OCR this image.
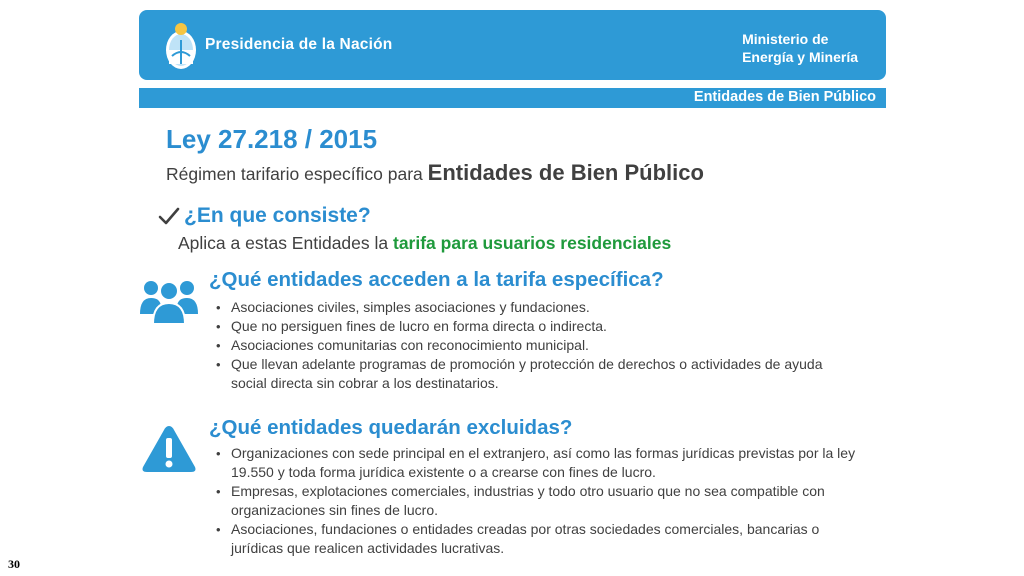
Presidencia de la Nación	Ministerio de
Energía y Minería
Entidades de Bien Público
Ley 27.218 / 2015
Régimen tarifario específico para Entidades de Bien Público
¿En que consiste?
Aplica a estas Entidades la tarifa para usuarios residenciales
¿Qué entidades acceden a la tarifa específica?
• Asociaciones civiles, simples asociaciones y fundaciones.
• Que no persiguen fines de lucro en forma directa o indirecta.
• Asociaciones comunitarias con reconocimiento municipal.
• Que llevan adelante programas de promoción y protección de derechos o actividades de ayuda social directa sin cobrar a los destinatarios.
¿Qué entidades quedarán excluidas?
• Organizaciones con sede principal en el extranjero, así como las formas jurídicas previstas por la ley 19.550 y toda forma jurídica existente o a crearse con fines de lucro.
• Empresas, explotaciones comerciales, industrias y todo otro usuario que no sea compatible con organizaciones sin fines de lucro.
• Asociaciones, fundaciones o entidades creadas por otras sociedades comerciales, bancarias o jurídicas que realicen actividades lucrativas.
30
